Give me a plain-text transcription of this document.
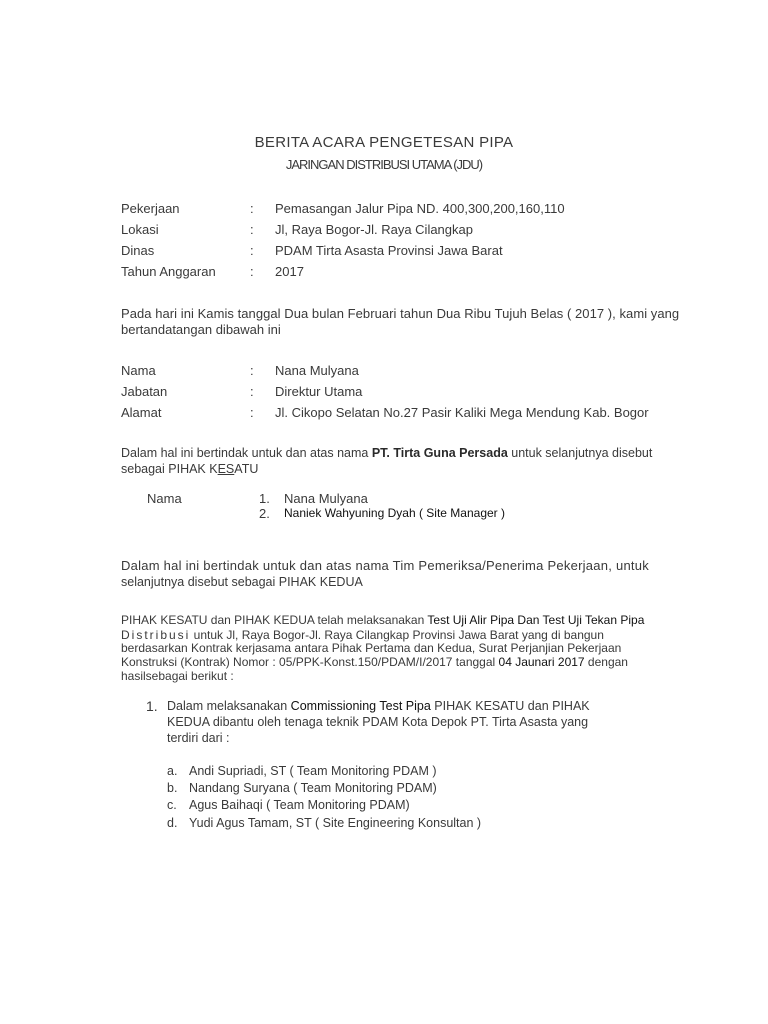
BERITA ACARA PENGETESAN PIPA
JARINGAN DISTRIBUSI UTAMA (JDU)
Pekerjaan	: Pemasangan Jalur Pipa ND. 400,300,200,160,110
Lokasi	: Jl, Raya Bogor-Jl. Raya Cilangkap
Dinas	: PDAM Tirta Asasta Provinsi Jawa Barat
Tahun Anggaran	: 2017
Pada hari ini Kamis tanggal Dua bulan Februari tahun Dua Ribu Tujuh Belas ( 2017 ), kami yang
bertandatangan dibawah ini
Nama	: Nana Mulyana
Jabatan	: Direktur Utama
Alamat	: Jl. Cikopo Selatan No.27 Pasir Kaliki Mega Mendung Kab. Bogor
Dalam hal ini bertindak untuk dan atas nama PT. Tirta Guna Persada untuk selanjutnya disebut
sebagai PIHAK KESATU
Nama	1. Nana Mulyana
2. Naniek Wahyuning Dyah ( Site Manager )
Dalam hal ini bertindak untuk dan atas nama Tim Pemeriksa/Penerima Pekerjaan, untuk
selanjutnya disebut sebagai PIHAK KEDUA
PIHAK KESATU dan PIHAK KEDUA telah melaksanakan Test Uji Alir Pipa Dan Test Uji Tekan Pipa
Distribusi untuk Jl, Raya Bogor-Jl. Raya Cilangkap Provinsi Jawa Barat yang di bangun
berdasarkan Kontrak kerjasama antara Pihak Pertama dan Kedua, Surat Perjanjian Pekerjaan
Konstruksi (Kontrak) Nomor : 05/PPK-Konst.150/PDAM/I/2017 tanggal 04 Jaunari 2017 dengan
hasilsebagai berikut :
1. Dalam melaksanakan Commissioning Test Pipa PIHAK KESATU dan PIHAK
KEDUA dibantu oleh tenaga teknik PDAM Kota Depok PT. Tirta Asasta yang
terdiri dari :
a. Andi Supriadi, ST ( Team Monitoring PDAM )
b. Nandang Suryana ( Team Monitoring PDAM)
c. Agus Baihaqi ( Team Monitoring PDAM)
d. Yudi Agus Tamam, ST ( Site Engineering Konsultan )
